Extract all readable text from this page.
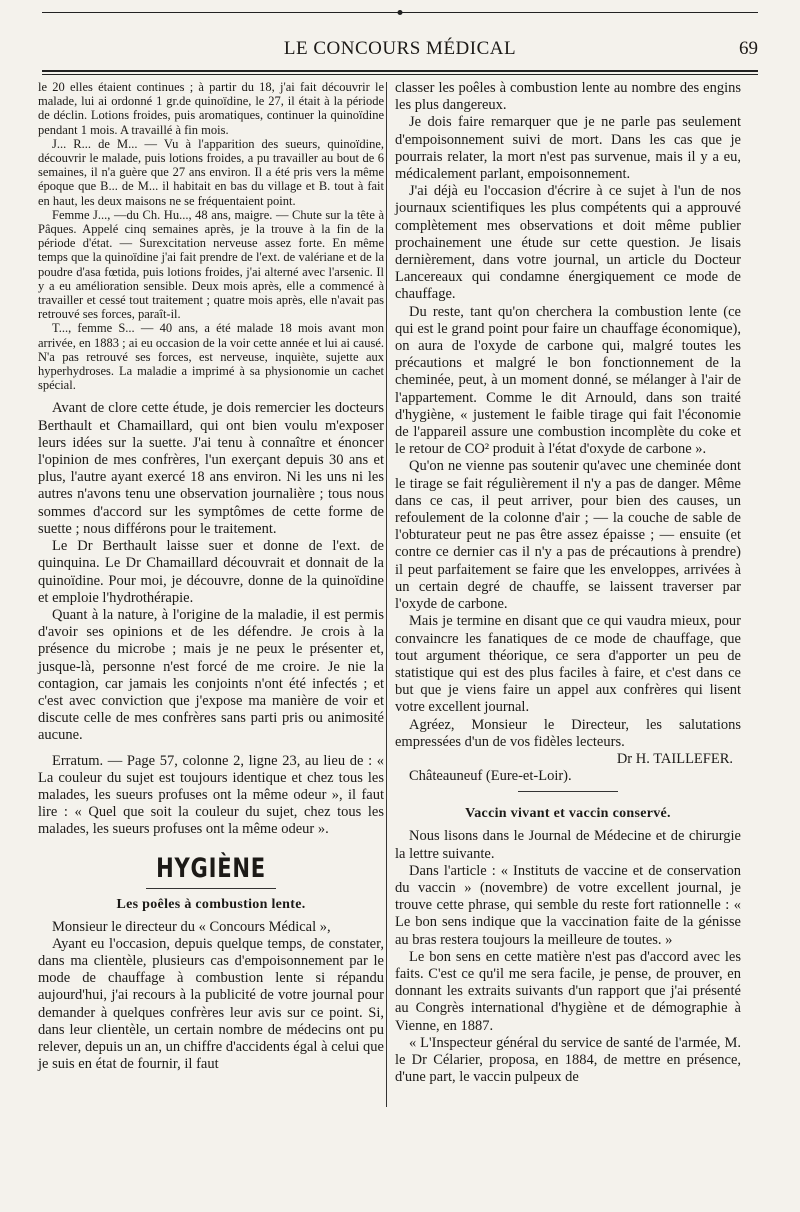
LE CONCOURS MÉDICAL	69

le 20 elles étaient continues ; à partir du 18, j'ai fait découvrir le malade, lui ai ordonné 1 gr.de quinoïdine, le 27, il était à la période de déclin. Lotions froides, puis aromatiques, continuer la quinoïdine pendant 1 mois. A travaillé à fin mois.

J... R... de M... — Vu à l'apparition des sueurs, quinoïdine, découvrir le malade, puis lotions froides, a pu travailler au bout de 6 semaines, il n'a guère que 27 ans environ. Il a été pris vers la même époque que B... de M... il habitait en bas du village et B. tout à fait en haut, les deux maisons ne se fréquentaient point.

Femme J..., —du Ch. Hu..., 48 ans, maigre. — Chute sur la tête à Pâques. Appelé cinq semaines après, je la trouve à la fin de la période d'état. — Surexcitation nerveuse assez forte. En même temps que la quinoïdine j'ai fait prendre de l'ext. de valériane et de la poudre d'asa fœtida, puis lotions froides, j'ai alterné avec l'arsenic. Il y a eu amélioration sensible. Deux mois après, elle a commencé à travailler et cessé tout traitement ; quatre mois après, elle n'avait pas retrouvé ses forces, paraît-il.

T..., femme S... — 40 ans, a été malade 18 mois avant mon arrivée, en 1883 ; ai eu occasion de la voir cette année et lui ai causé. N'a pas retrouvé ses forces, est nerveuse, inquiète, sujette aux hyperhydroses. La maladie a imprimé à sa physionomie un cachet spécial.

Avant de clore cette étude, je dois remercier les docteurs Berthault et Chamaillard, qui ont bien voulu m'exposer leurs idées sur la suette. J'ai tenu à connaître et énoncer l'opinion de mes confrères, l'un exerçant depuis 30 ans et plus, l'autre ayant exercé 18 ans environ. Ni les uns ni les autres n'avons tenu une observation journalière ; tous nous sommes d'accord sur les symptômes de cette forme de suette ; nous différons pour le traitement.

Le Dr Berthault laisse suer et donne de l'ext. de quinquina. Le Dr Chamaillard découvrait et donnait de la quinoïdine. Pour moi, je découvre, donne de la quinoïdine et emploie l'hydrothérapie.

Quant à la nature, à l'origine de la maladie, il est permis d'avoir ses opinions et de les défendre. Je crois à la présence du microbe ; mais je ne peux le présenter et, jusque-là, personne n'est forcé de me croire. Je nie la contagion, car jamais les conjoints n'ont été infectés ; et c'est avec conviction que j'expose ma manière de voir et discute celle de mes confrères sans parti pris ou animosité aucune.

Erratum. — Page 57, colonne 2, ligne 23, au lieu de : « La couleur du sujet est toujours identique et chez tous les malades, les sueurs profuses ont la même odeur », il faut lire : « Quel que soit la couleur du sujet, chez tous les malades, les sueurs profuses ont la même odeur ».

HYGIÈNE
Les poêles à combustion lente.

Monsieur le directeur du « Concours Médical »,

Ayant eu l'occasion, depuis quelque temps, de constater, dans ma clientèle, plusieurs cas d'empoisonnement par le mode de chauffage à combustion lente si répandu aujourd'hui, j'ai recours à la publicité de votre journal pour demander à quelques confrères leur avis sur ce point. Si, dans leur clientèle, un certain nombre de médecins ont pu relever, depuis un an, un chiffre d'accidents égal à celui que je suis en état de fournir, il faut

classer les poêles à combustion lente au nombre des engins les plus dangereux.

Je dois faire remarquer que je ne parle pas seulement d'empoisonnement suivi de mort. Dans les cas que je pourrais relater, la mort n'est pas survenue, mais il y a eu, médicalement parlant, empoisonnement.

J'ai déjà eu l'occasion d'écrire à ce sujet à l'un de nos journaux scientifiques les plus compétents qui a approuvé complètement mes observations et doit même publier prochainement une étude sur cette question. Je lisais dernièrement, dans votre journal, un article du Docteur Lancereaux qui condamne énergiquement ce mode de chauffage.

Du reste, tant qu'on cherchera la combustion lente (ce qui est le grand point pour faire un chauffage économique), on aura de l'oxyde de carbone qui, malgré toutes les précautions et malgré le bon fonctionnement de la cheminée, peut, à un moment donné, se mélanger à l'air de l'appartement. Comme le dit Arnould, dans son traité d'hygiène, « justement le faible tirage qui fait l'économie de l'appareil assure une combustion incomplète du coke et le retour de CO² produit à l'état d'oxyde de carbone ».

Qu'on ne vienne pas soutenir qu'avec une cheminée dont le tirage se fait régulièrement il n'y a pas de danger. Même dans ce cas, il peut arriver, pour bien des causes, un refoulement de la colonne d'air ; — la couche de sable de l'obturateur peut ne pas être assez épaisse ; — ensuite (et contre ce dernier cas il n'y a pas de précautions à prendre) il peut parfaitement se faire que les enveloppes, arrivées à un certain degré de chauffe, se laissent traverser par l'oxyde de carbone.

Mais je termine en disant que ce qui vaudra mieux, pour convaincre les fanatiques de ce mode de chauffage, que tout argument théorique, ce sera d'apporter un peu de statistique qui est des plus faciles à faire, et c'est dans ce but que je viens faire un appel aux confrères qui lisent votre excellent journal.

Agréez, Monsieur le Directeur, les salutations empressées d'un de vos fidèles lecteurs.

Dr H. TAILLEFER.
Châteauneuf (Eure-et-Loir).
Vaccin vivant et vaccin conservé.

Nous lisons dans le Journal de Médecine et de chirurgie la lettre suivante.

Dans l'article : « Instituts de vaccine et de conservation du vaccin » (novembre) de votre excellent journal, je trouve cette phrase, qui semble du reste fort rationnelle : « Le bon sens indique que la vaccination faite de la génisse au bras restera toujours la meilleure de toutes. »

Le bon sens en cette matière n'est pas d'accord avec les faits. C'est ce qu'il me sera facile, je pense, de prouver, en donnant les extraits suivants d'un rapport que j'ai présenté au Congrès international d'hygiène et de démographie à Vienne, en 1887.

« L'Inspecteur général du service de santé de l'armée, M. le Dr Célarier, proposa, en 1884, de mettre en présence, d'une part, le vaccin pulpeux de
